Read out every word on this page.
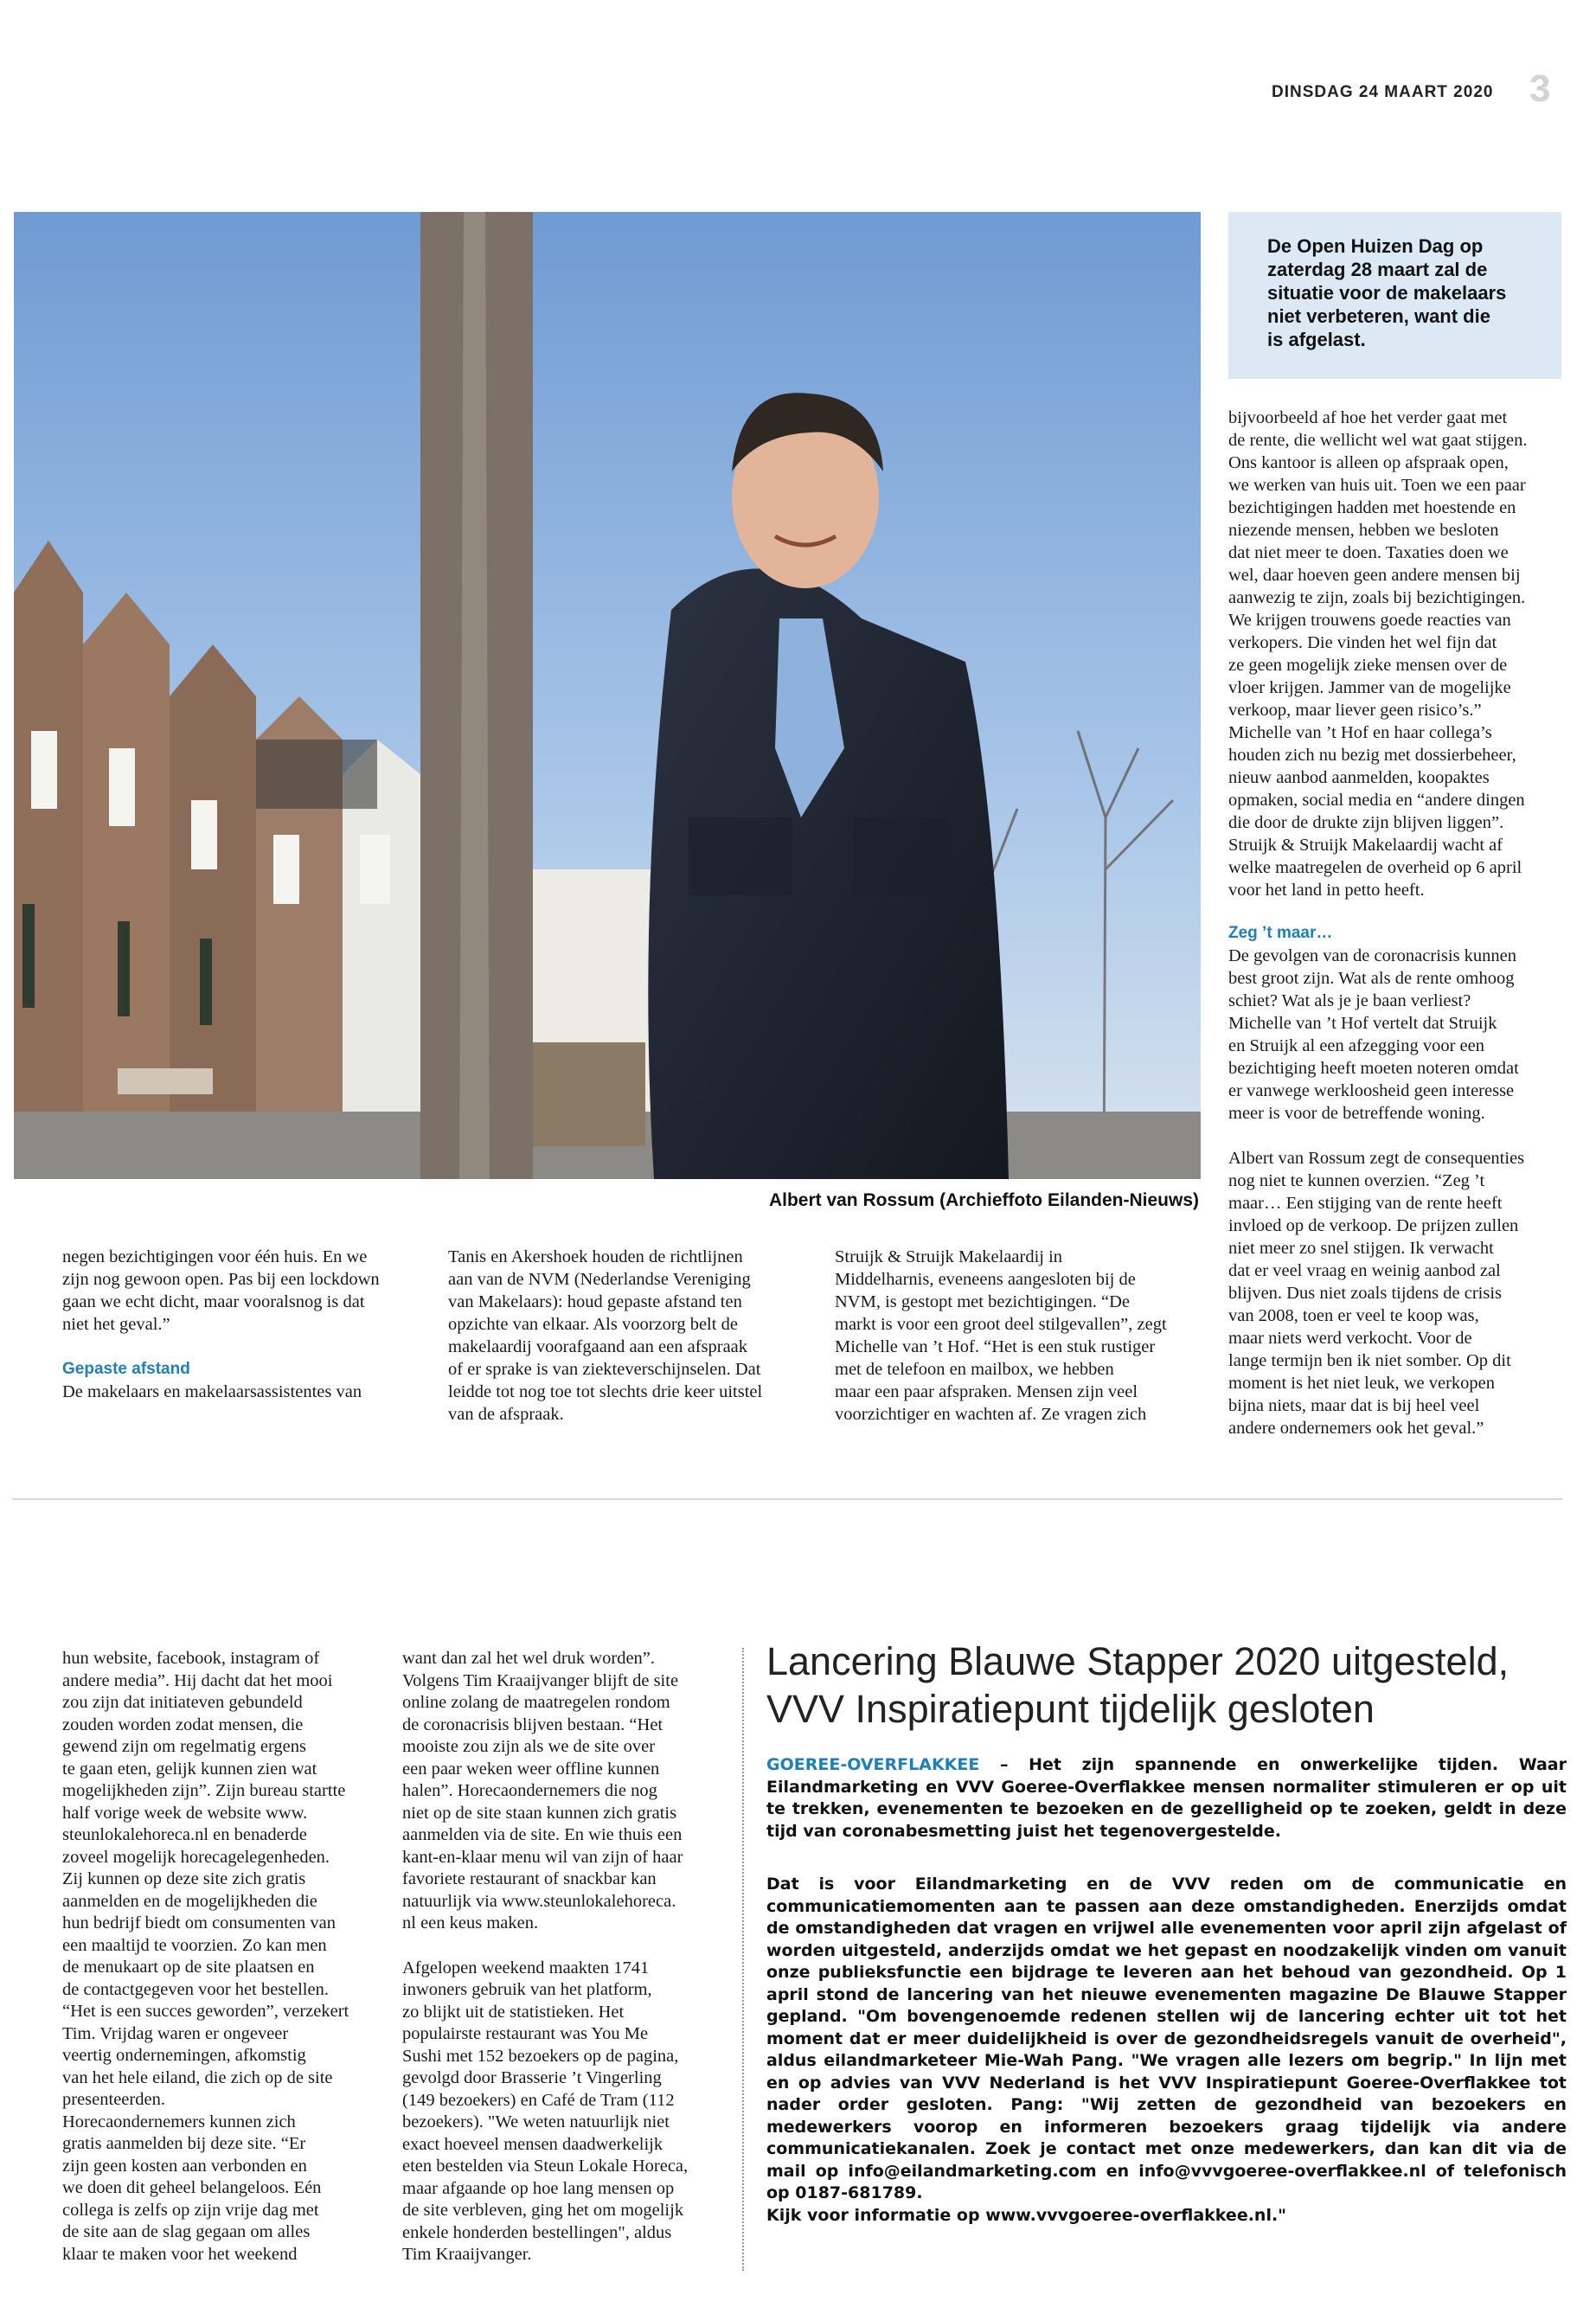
DINSDAG 24 MAART 2020 3
Albert van Rossum (Archieffoto Eilanden-Nieuws)

De Open Huizen Dag op
zaterdag 28 maart zal de
situatie voor de makelaars
niet verbeteren, want die
is afgelast.

bijvoorbeeld af hoe het verder gaat met
de rente, die wellicht wel wat gaat stijgen.
Ons kantoor is alleen op afspraak open,
we werken van huis uit. Toen we een paar
bezichtigingen hadden met hoestende en
niezende mensen, hebben we besloten
dat niet meer te doen. Taxaties doen we
wel, daar hoeven geen andere mensen bij
aanwezig te zijn, zoals bij bezichtigingen.
We krijgen trouwens goede reacties van
verkopers. Die vinden het wel fijn dat
ze geen mogelijk zieke mensen over de
vloer krijgen. Jammer van de mogelijke
verkoop, maar liever geen risico’s.”
Michelle van ’t Hof en haar collega’s
houden zich nu bezig met dossierbeheer,
nieuw aanbod aanmelden, koopaktes
opmaken, social media en “andere dingen
die door de drukte zijn blijven liggen”.
Struijk & Struijk Makelaardij wacht af
welke maatregelen de overheid op 6 april
voor het land in petto heeft.

Zeg ’t maar…

De gevolgen van de coronacrisis kunnen
best groot zijn. Wat als de rente omhoog
schiet? Wat als je je baan verliest?
Michelle van ’t Hof vertelt dat Struijk
en Struijk al een afzegging voor een
bezichtiging heeft moeten noteren omdat
er vanwege werkloosheid geen interesse
meer is voor de betreffende woning.

Albert van Rossum zegt de consequenties
nog niet te kunnen overzien. “Zeg ’t
maar… Een stijging van de rente heeft
invloed op de verkoop. De prijzen zullen
niet meer zo snel stijgen. Ik verwacht
dat er veel vraag en weinig aanbod zal
blijven. Dus niet zoals tijdens de crisis
van 2008, toen er veel te koop was,
maar niets werd verkocht. Voor de
lange termijn ben ik niet somber. Op dit
moment is het niet leuk, we verkopen
bijna niets, maar dat is bij heel veel
andere ondernemers ook het geval.”

negen bezichtigingen voor één huis. En we
zijn nog gewoon open. Pas bij een lockdown
gaan we echt dicht, maar vooralsnog is dat
niet het geval.”

Gepaste afstand

De makelaars en makelaarsassistentes van

Tanis en Akershoek houden de richtlijnen
aan van de NVM (Nederlandse Vereniging
van Makelaars): houd gepaste afstand ten
opzichte van elkaar. Als voorzorg belt de
makelaardij voorafgaand aan een afspraak
of er sprake is van ziekteverschijnselen. Dat
leidde tot nog toe tot slechts drie keer uitstel
van de afspraak.

Struijk & Struijk Makelaardij in
Middelharnis, eveneens aangesloten bij de
NVM, is gestopt met bezichtigingen. “De
markt is voor een groot deel stilgevallen”, zegt
Michelle van ’t Hof. “Het is een stuk rustiger
met de telefoon en mailbox, we hebben
maar een paar afspraken. Mensen zijn veel
voorzichtiger en wachten af. Ze vragen zich

hun website, facebook, instagram of
andere media”. Hij dacht dat het mooi
zou zijn dat initiateven gebundeld
zouden worden zodat mensen, die
gewend zijn om regelmatig ergens
te gaan eten, gelijk kunnen zien wat
mogelijkheden zijn”. Zijn bureau startte
half vorige week de website www.
steunlokalehoreca.nl en benaderde
zoveel mogelijk horecagelegenheden.
Zij kunnen op deze site zich gratis
aanmelden en de mogelijkheden die
hun bedrijf biedt om consumenten van
een maaltijd te voorzien. Zo kan men
de menukaart op de site plaatsen en
de contactgegeven voor het bestellen.
“Het is een succes geworden”, verzekert
Tim. Vrijdag waren er ongeveer
veertig ondernemingen, afkomstig
van het hele eiland, die zich op de site
presenteerden.
Horecaondernemers kunnen zich
gratis aanmelden bij deze site. “Er
zijn geen kosten aan verbonden en
we doen dit geheel belangeloos. Eén
collega is zelfs op zijn vrije dag met
de site aan de slag gegaan om alles
klaar te maken voor het weekend

want dan zal het wel druk worden”.
Volgens Tim Kraaijvanger blijft de site
online zolang de maatregelen rondom
de coronacrisis blijven bestaan. “Het
mooiste zou zijn als we de site over
een paar weken weer offline kunnen
halen”. Horecaondernemers die nog
niet op de site staan kunnen zich gratis
aanmelden via de site. En wie thuis een
kant-en-klaar menu wil van zijn of haar
favoriete restaurant of snackbar kan
natuurlijk via www.steunlokalehoreca.
nl een keus maken.

Afgelopen weekend maakten 1741
inwoners gebruik van het platform,
zo blijkt uit de statistieken. Het
populairste restaurant was You Me
Sushi met 152 bezoekers op de pagina,
gevolgd door Brasserie ’t Vingerling
(149 bezoekers) en Café de Tram (112
bezoekers). "We weten natuurlijk niet
exact hoeveel mensen daadwerkelijk
eten bestelden via Steun Lokale Horeca,
maar afgaande op hoe lang mensen op
de site verbleven, ging het om mogelijk
enkele honderden bestellingen", aldus
Tim Kraaijvanger.

Lancering Blauwe Stapper 2020 uitgesteld, VVV Inspiratiepunt tijdelijk gesloten
GOEREE-OVERFLAKKEE – Het zijn spannende en onwerkelijke tijden. Waar Eilandmarketing en VVV Goeree-Overflakkee mensen normaliter stimuleren er op uit te trekken, evenementen te bezoeken en de gezelligheid op te zoeken, geldt in deze tijd van coronabesmetting juist het tegenovergestelde.

Dat is voor Eilandmarketing en de VVV reden om de communicatie en communicatiemomenten aan te passen aan deze omstandigheden. Enerzijds omdat de omstandigheden dat vragen en vrijwel alle evenementen voor april zijn afgelast of worden uitgesteld, anderzijds omdat we het gepast en noodzakelijk vinden om vanuit onze publieksfunctie een bijdrage te leveren aan het behoud van gezondheid. Op 1 april stond de lancering van het nieuwe evenementen magazine De Blauwe Stapper gepland. "Om bovengenoemde redenen stellen wij de lancering echter uit tot het moment dat er meer duidelijkheid is over de gezondheidsregels vanuit de overheid", aldus eilandmarketeer Mie-Wah Pang. "We vragen alle lezers om begrip." In lijn met en op advies van VVV Nederland is het VVV Inspiratiepunt Goeree-Overflakkee tot nader order gesloten. Pang: "Wij zetten de gezondheid van bezoekers en medewerkers voorop en informeren bezoekers graag tijdelijk via andere communicatiekanalen. Zoek je contact met onze medewerkers, dan kan dit via de mail op info@eilandmarketing.com en info@vvvgoeree-overflakkee.nl of telefonisch op 0187-681789.

Kijk voor informatie op www.vvvgoeree-overflakkee.nl."
